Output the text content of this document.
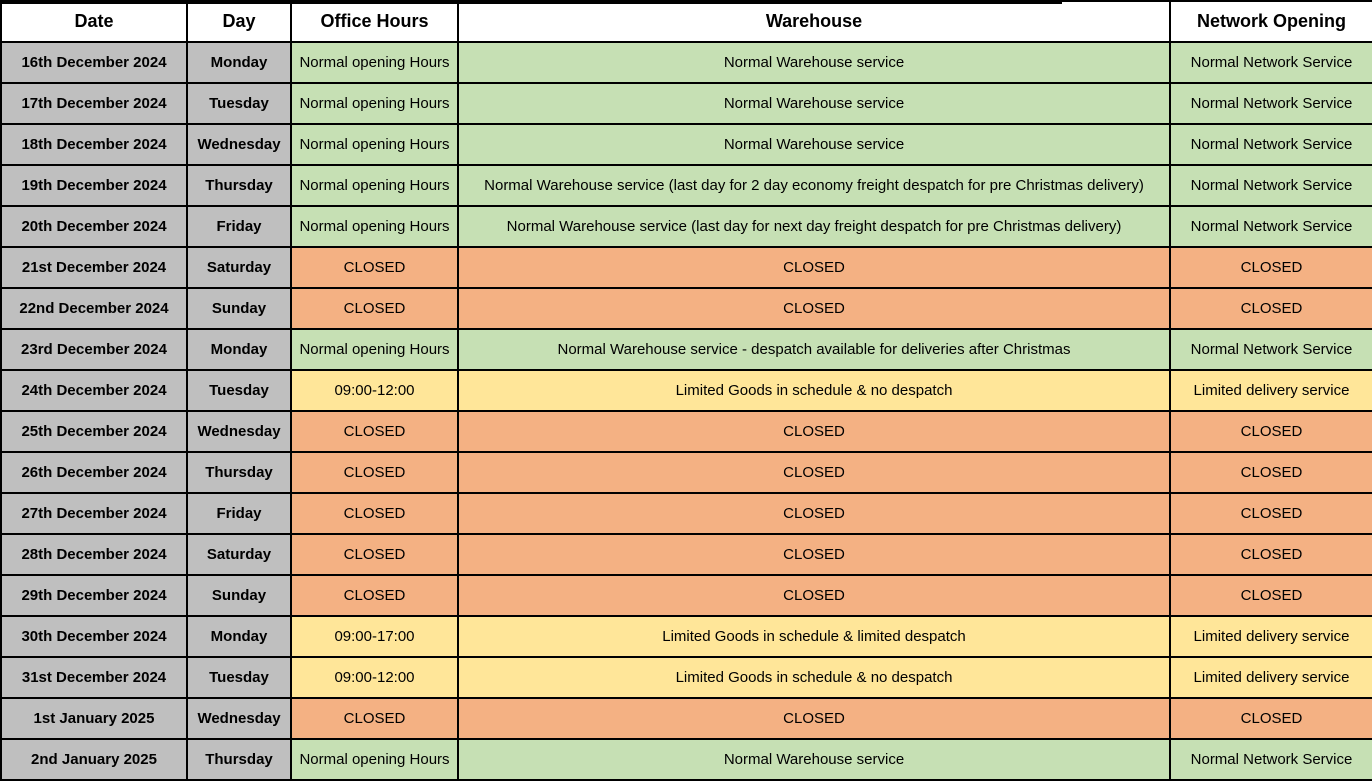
Date	Day	Office Hours	Warehouse	Network Opening
16th December 2024	Monday	Normal opening Hours	Normal Warehouse service	Normal Network Service
17th December 2024	Tuesday	Normal opening Hours	Normal Warehouse service	Normal Network Service
18th December 2024	Wednesday	Normal opening Hours	Normal Warehouse service	Normal Network Service
19th December 2024	Thursday	Normal opening Hours	Normal Warehouse service (last day for 2 day economy freight despatch for pre Christmas delivery)	Normal Network Service
20th December 2024	Friday	Normal opening Hours	Normal Warehouse service (last day for next day freight despatch for pre Christmas delivery)	Normal Network Service
21st December 2024	Saturday	CLOSED	CLOSED	CLOSED
22nd December 2024	Sunday	CLOSED	CLOSED	CLOSED
23rd December 2024	Monday	Normal opening Hours	Normal Warehouse service - despatch available for deliveries after Christmas	Normal Network Service
24th December 2024	Tuesday	09:00-12:00	Limited Goods in schedule & no despatch	Limited delivery service
25th December 2024	Wednesday	CLOSED	CLOSED	CLOSED
26th December 2024	Thursday	CLOSED	CLOSED	CLOSED
27th December 2024	Friday	CLOSED	CLOSED	CLOSED
28th December 2024	Saturday	CLOSED	CLOSED	CLOSED
29th December 2024	Sunday	CLOSED	CLOSED	CLOSED
30th December 2024	Monday	09:00-17:00	Limited Goods in schedule & limited despatch	Limited delivery service
31st December 2024	Tuesday	09:00-12:00	Limited Goods in schedule & no despatch	Limited delivery service
1st January 2025	Wednesday	CLOSED	CLOSED	CLOSED
2nd January 2025	Thursday	Normal opening Hours	Normal Warehouse service	Normal Network Service
